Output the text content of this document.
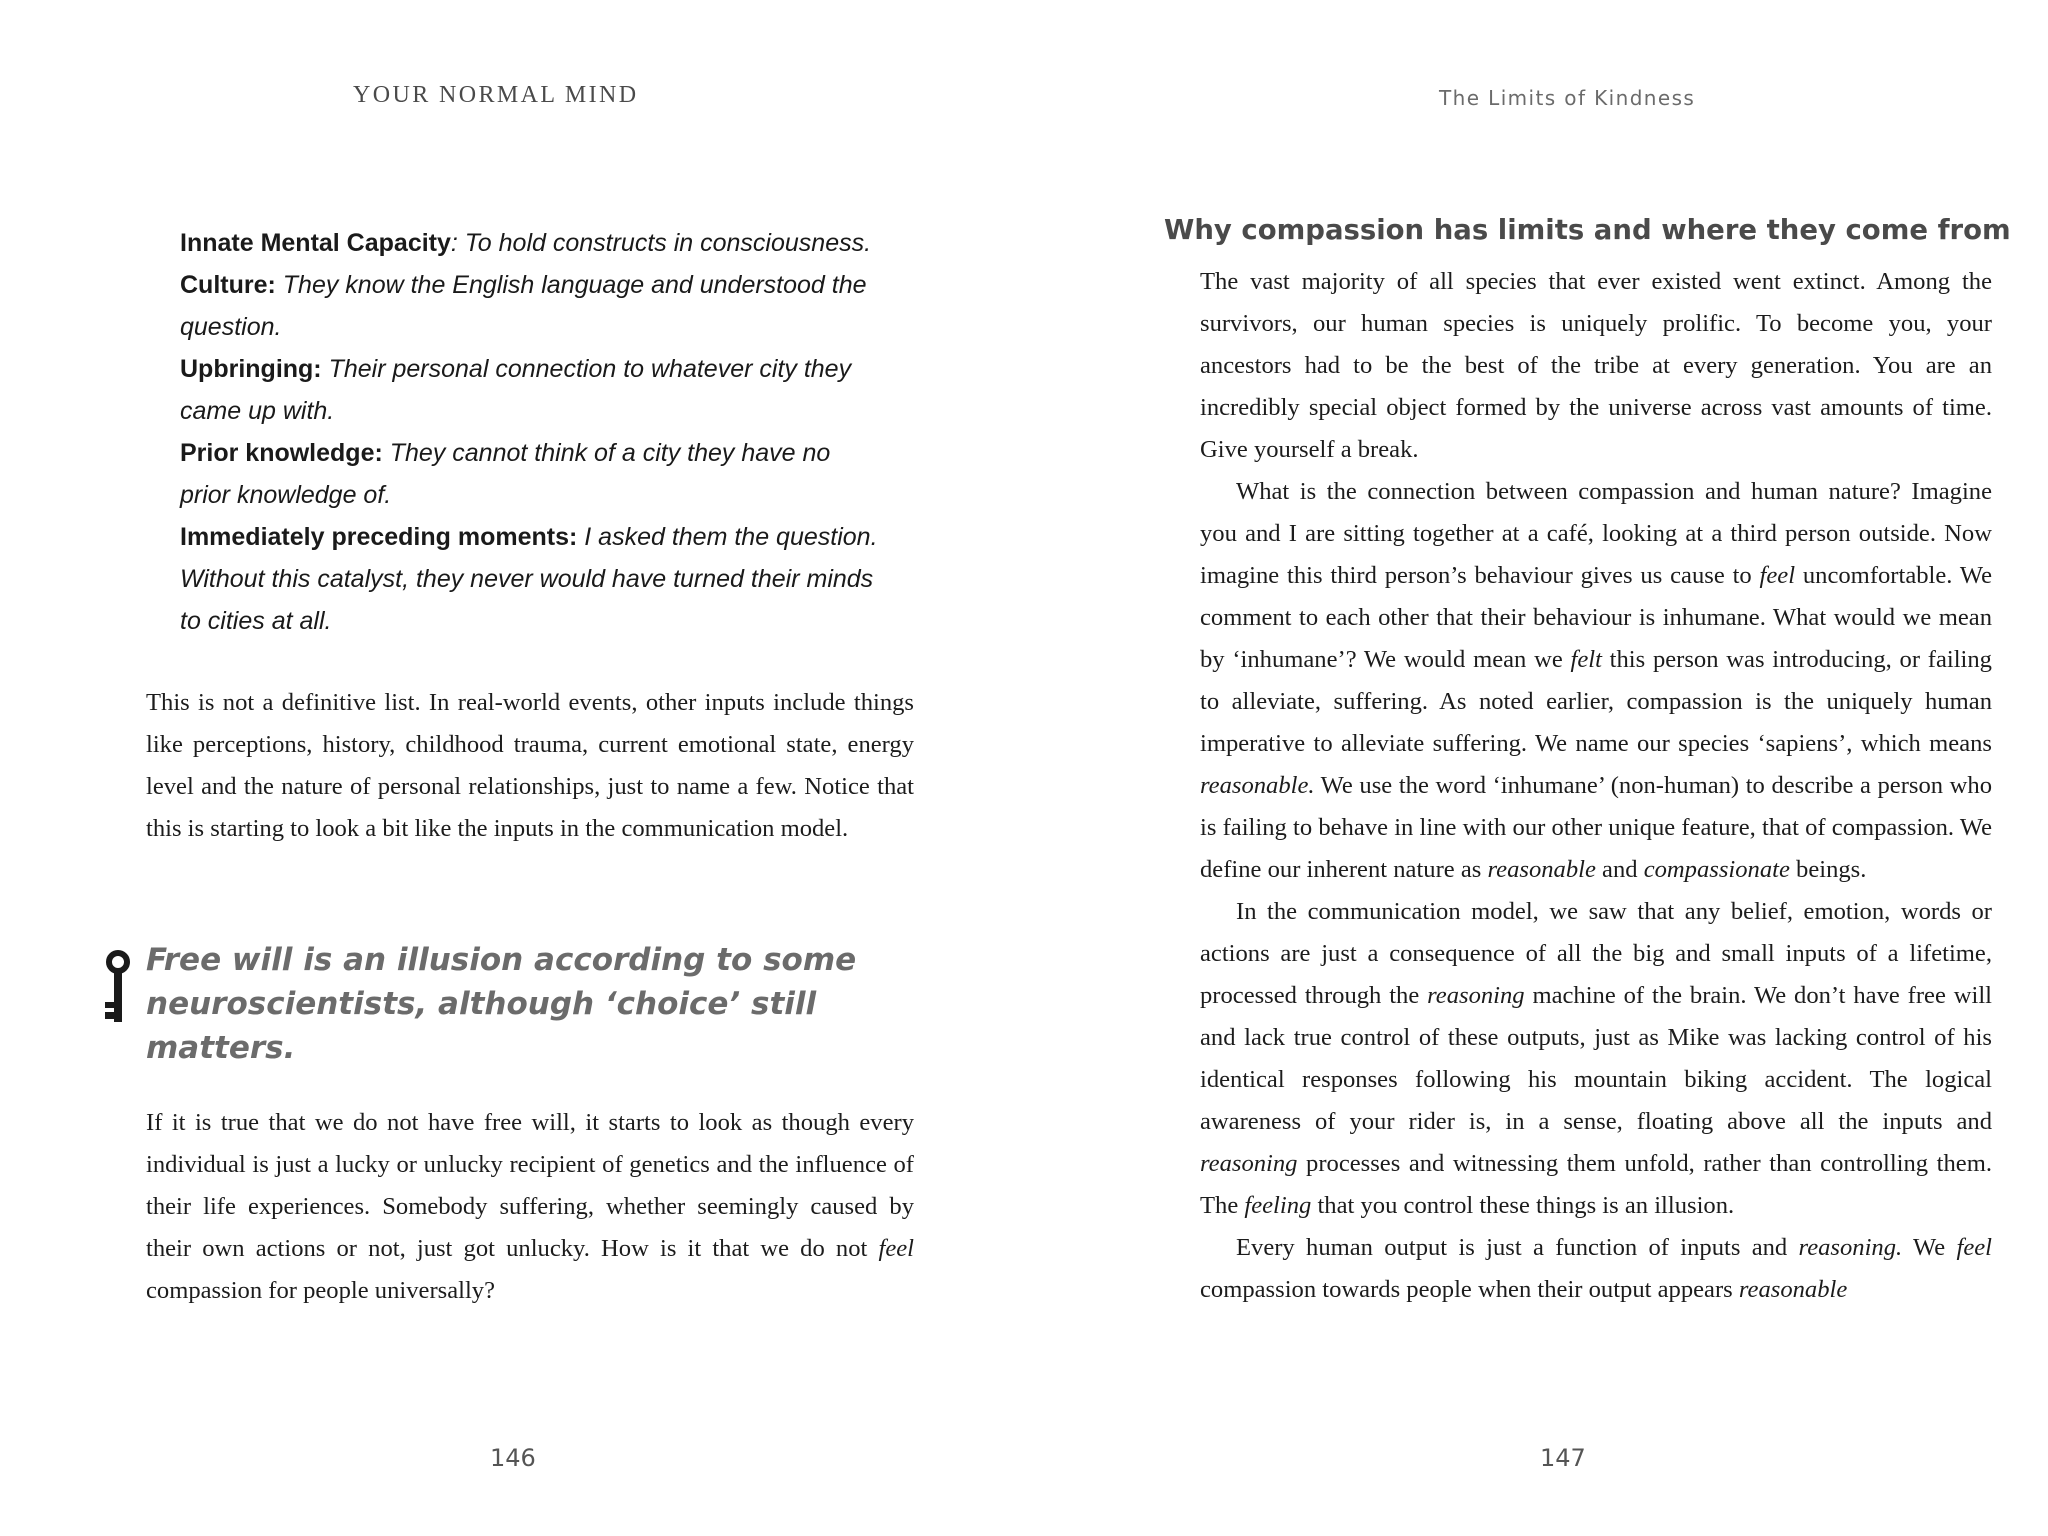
YOUR NORMAL MIND

Innate Mental Capacity: To hold constructs in consciousness.

Culture: They know the English language and understood the question.

Upbringing: Their personal connection to whatever city they came up with.

Prior knowledge: They cannot think of a city they have no prior knowledge of.

Immediately preceding moments: I asked them the question. Without this catalyst, they never would have turned their minds to cities at all.

This is not a definitive list. In real-world events, other inputs include things like perceptions, history, childhood trauma, current emotional state, energy level and the nature of personal relationships, just to name a few. Notice that this is starting to look a bit like the inputs in the communication model.

Free will is an illusion according to some neuroscientists, although ‘choice’ still matters.

If it is true that we do not have free will, it starts to look as though every individual is just a lucky or unlucky recipient of genetics and the influence of their life experiences. Somebody suffering, whether seemingly caused by their own actions or not, just got unlucky. How is it that we do not feel compassion for people universally?

146
The Limits of Kindness
Why compassion has limits and where they come from

The vast majority of all species that ever existed went extinct. Among the survivors, our human species is uniquely prolific. To become you, your ancestors had to be the best of the tribe at every generation. You are an incredibly special object formed by the universe across vast amounts of time. Give yourself a break.

What is the connection between compassion and human nature? Imagine you and I are sitting together at a café, looking at a third person outside. Now imagine this third person’s behaviour gives us cause to feel uncomfortable. We comment to each other that their behaviour is inhumane. What would we mean by ‘inhumane’? We would mean we felt this person was introducing, or failing to alleviate, suffering. As noted earlier, compassion is the uniquely human imperative to alleviate suffering. We name our species ‘sapiens’, which means reasonable. We use the word ‘inhumane’ (non-human) to describe a person who is failing to behave in line with our other unique feature, that of compassion. We define our inherent nature as reasonable and compassionate beings.

In the communication model, we saw that any belief, emotion, words or actions are just a consequence of all the big and small inputs of a lifetime, processed through the reasoning machine of the brain. We don’t have free will and lack true control of these outputs, just as Mike was lacking control of his identical responses following his mountain biking accident. The logical awareness of your rider is, in a sense, floating above all the inputs and reasoning processes and witnessing them unfold, rather than controlling them. The feeling that you control these things is an illusion.

Every human output is just a function of inputs and reasoning. We feel compassion towards people when their output appears reasonable

147
